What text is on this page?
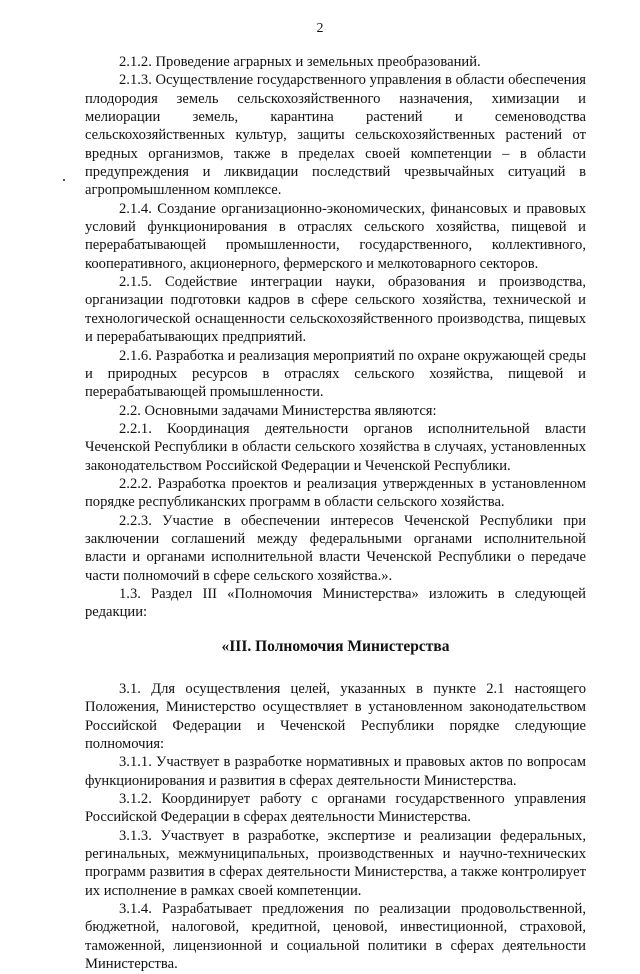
2

2.1.2. Проведение аграрных и земельных преобразований.

2.1.3. Осуществление государственного управления в области обеспечения плодородия земель сельскохозяйственного назначения, химизации и мелиорации земель, карантина растений и семеноводства сельскохозяйственных культур, защиты сельскохозяйственных растений от вредных организмов, также в пределах своей компетенции – в области предупреждения и ликвидации последствий чрезвычайных ситуаций в агропромышленном комплексе.

2.1.4. Создание организационно-экономических, финансовых и правовых условий функционирования в отраслях сельского хозяйства, пищевой и перерабатывающей промышленности, государственного, коллективного, кооперативного, акционерного, фермерского и мелкотоварного секторов.

2.1.5. Содействие интеграции науки, образования и производства, организации подготовки кадров в сфере сельского хозяйства, технической и технологической оснащенности сельскохозяйственного производства, пищевых и перерабатывающих предприятий.

2.1.6. Разработка и реализация мероприятий по охране окружающей среды и природных ресурсов в отраслях сельского хозяйства, пищевой и перерабатывающей промышленности.

2.2. Основными задачами Министерства являются:

2.2.1. Координация деятельности органов исполнительной власти Чеченской Республики в области сельского хозяйства в случаях, установленных законодательством Российской Федерации и Чеченской Республики.

2.2.2. Разработка проектов и реализация утвержденных в установленном порядке республиканских программ в области сельского хозяйства.

2.2.3. Участие в обеспечении интересов Чеченской Республики при заключении соглашений между федеральными органами исполнительной власти и органами исполнительной власти Чеченской Республики о передаче части полномочий в сфере сельского хозяйства.».

1.3. Раздел III «Полномочия Министерства» изложить в следующей редакции:

«III. Полномочия Министерства

3.1. Для осуществления целей, указанных в пункте 2.1 настоящего Положения, Министерство осуществляет в установленном законодательством Российской Федерации и Чеченской Республики порядке следующие полномочия:

3.1.1. Участвует в разработке нормативных и правовых актов по вопросам функционирования и развития в сферах деятельности Министерства.

3.1.2. Координирует работу с органами государственного управления Российской Федерации в сферах деятельности Министерства.

3.1.3. Участвует в разработке, экспертизе и реализации федеральных, регинальных, межмуниципальных, производственных и научно-технических программ развития в сферах деятельности Министерства, а также контролирует их исполнение в рамках своей компетенции.

3.1.4. Разрабатывает предложения по реализации продовольственной, бюджетной, налоговой, кредитной, ценовой, инвестиционной, страховой, таможенной, лицензионной и социальной политики в сферах деятельности Министерства.
